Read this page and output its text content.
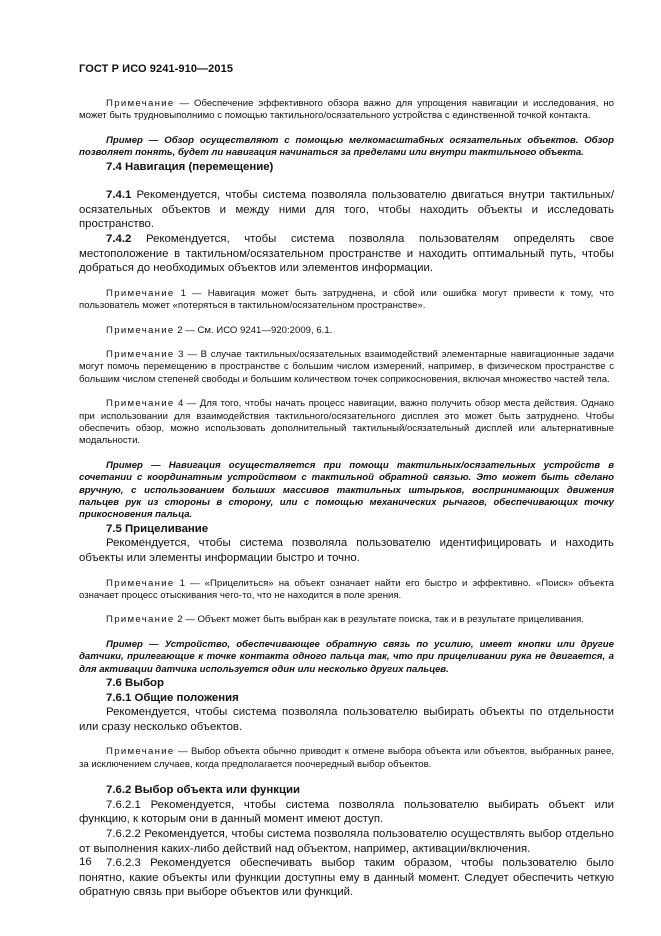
ГОСТ Р ИСО 9241-910—2015

Примечание — Обеспечение эффективного обзора важно для упрощения навигации и исследования, но может быть трудновыполнимо с помощью тактильного/осязательного устройства с единственной точкой контакта.

Пример — Обзор осуществляют с помощью мелкомасштабных осязательных объектов. Обзор позволяет понять, будет ли навигация начинаться за пределами или внутри тактильного объекта.

7.4 Навигация (перемещение)

7.4.1 Рекомендуется, чтобы система позволяла пользователю двигаться внутри тактильных/осязательных объектов и между ними для того, чтобы находить объекты и исследовать пространство.

7.4.2 Рекомендуется, чтобы система позволяла пользователям определять свое местоположение в тактильном/осязательном пространстве и находить оптимальный путь, чтобы добраться до необходимых объектов или элементов информации.

Примечание 1 — Навигация может быть затруднена, и сбой или ошибка могут привести к тому, что пользователь может «потеряться в тактильном/осязательном пространстве».

Примечание 2 — См. ИСО 9241—920:2009, 6.1.

Примечание 3 — В случае тактильных/осязательных взаимодействий элементарные навигационные задачи могут помочь перемещению в пространстве с большим числом измерений, например, в физическом пространстве с большим числом степеней свободы и большим количеством точек соприкосновения, включая множество частей тела.

Примечание 4 — Для того, чтобы начать процесс навигации, важно получить обзор места действия. Однако при использовании для взаимодействия тактильного/осязательного дисплея это может быть затруднено. Чтобы обеспечить обзор, можно использовать дополнительный тактильный/осязательный дисплей или альтернативные модальности.

Пример — Навигация осуществляется при помощи тактильных/осязательных устройств в сочетании с координатным устройством с тактильной обратной связью. Это может быть сделано вручную, с использованием больших массивов тактильных штырьков, воспринимающих движения пальцев рук из стороны в сторону, или с помощью механических рычагов, обеспечивающих точку прикосновения пальца.

7.5 Прицеливание

Рекомендуется, чтобы система позволяла пользователю идентифицировать и находить объекты или элементы информации быстро и точно.

Примечание 1 — «Прицелиться» на объект означает найти его быстро и эффективно. «Поиск» объекта означает процесс отыскивания чего-то, что не находится в поле зрения.

Примечание 2 — Объект может быть выбран как в результате поиска, так и в результате прицеливания.

Пример — Устройство, обеспечивающее обратную связь по усилию, имеет кнопки или другие датчики, прилегающие к точке контакта одного пальца так, что при прицеливании рука не двигается, а для активации датчика используется один или несколько других пальцев.

7.6 Выбор

7.6.1 Общие положения

Рекомендуется, чтобы система позволяла пользователю выбирать объекты по отдельности или сразу несколько объектов.

Примечание — Выбор объекта обычно приводит к отмене выбора объекта или объектов, выбранных ранее, за исключением случаев, когда предполагается поочередный выбор объектов.

7.6.2 Выбор объекта или функции

7.6.2.1 Рекомендуется, чтобы система позволяла пользователю выбирать объект или функцию, к которым они в данный момент имеют доступ.

7.6.2.2 Рекомендуется, чтобы система позволяла пользователю осуществлять выбор отдельно от выполнения каких-либо действий над объектом, например, активации/включения.

7.6.2.3 Рекомендуется обеспечивать выбор таким образом, чтобы пользователю было понятно, какие объекты или функции доступны ему в данный момент. Следует обеспечить четкую обратную связь при выборе объектов или функций.

16
